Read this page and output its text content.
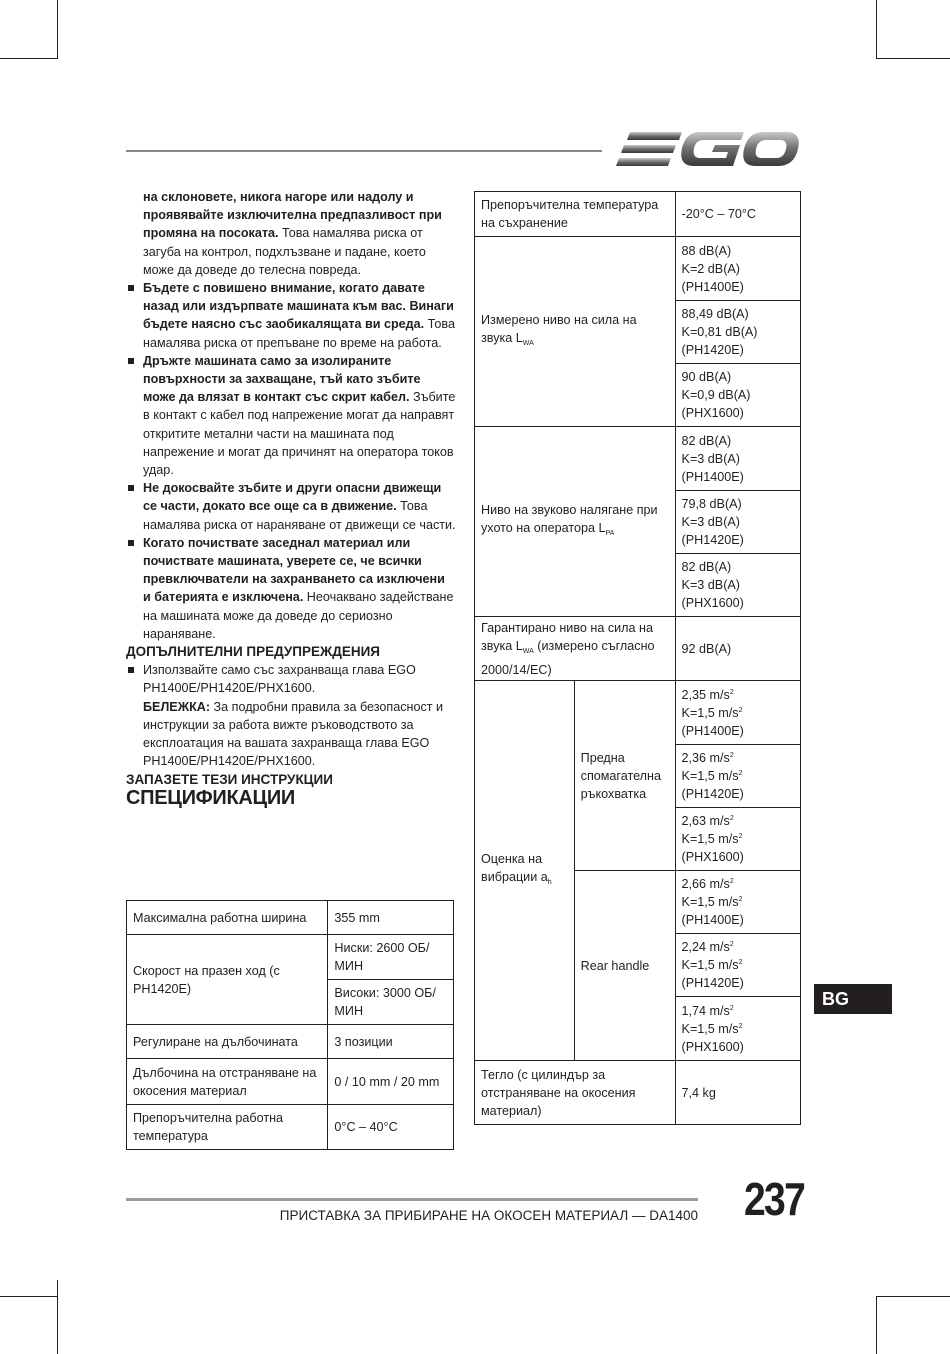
на склоновете, никога нагоре или надолу и проявявайте изключителна предпазливост при промяна на посоката. Това намалява риска от загуба на контрол, подхлъзване и падане, което може да доведе до телесна повреда.

Бъдете с повишено внимание, когато давате назад или издърпвате машината към вас. Винаги бъдете наясно със заобикалящата ви среда. Това намалява риска от препъване по време на работа.

Дръжте машината само за изолираните повърхности за захващане, тъй като зъбите може да влязат в контакт със скрит кабел. Зъбите в контакт с кабел под напрежение могат да направят откритите метални части на машината под напрежение и могат да причинят на оператора токов удар.

Не докосвайте зъбите и други опасни движещи се части, докато все още са в движение. Това намалява риска от нараняване от движещи се части.

Когато почиствате заседнал материал или почиствате машината, уверете се, че всички превключватели на захранването са изключени и батерията е изключена. Неочаквано задействане на машината може да доведе до сериозно нараняване.

ДОПЪЛНИТЕЛНИ ПРЕДУПРЕЖДЕНИЯ

Използвайте само със захранваща глава EGO PH1400E/PH1420E/PHX1600.

БЕЛЕЖКА: За подробни правила за безопасност и инструкции за работа вижте ръководството за експлоатация на вашата захранваща глава EGO PH1400E/PH1420E/PHX1600.

ЗАПАЗЕТЕ ТЕЗИ ИНСТРУКЦИИ

СПЕЦИФИКАЦИИ

Максимална работна ширина	355 mm
Скорост на празен ход (с PH1420E)	Ниски: 2600 ОБ/МИН
	Високи: 3000 ОБ/МИН
Регулиране на дълбочината	3 позиции
Дълбочина на отстраняване на окосения материал	0 / 10 mm / 20 mm
Препоръчителна работна температура	0°C – 40°C
Препоръчителна температура на съхранение		-20°C – 70°C
Измерено ниво на сила на звука $L_{WA}$		88 dB(A)
K=2 dB(A)
(PH1400E)
		88,49 dB(A)
K=0,81 dB(A)
(PH1420E)
		90 dB(A)
K=0,9 dB(A)
(PHX1600)
Ниво на звуково налягане при ухото на оператора $L_{PA}$		82 dB(A)
K=3 dB(A)
(PH1400E)
		79,8 dB(A)
K=3 dB(A)
(PH1420E)
		82 dB(A)
K=3 dB(A)
(PHX1600)
Гарантирано ниво на сила на звука $L_{WA}$ (измерено съгласно 2000/14/EC)		92 dB(A)
Оценка на вибрации $a_h$	Предна спомагателна ръкохватка	2,35 $m/s^2$
K=1,5 $m/s^2$
(PH1400E)
		2,36 $m/s^2$
K=1,5 $m/s^2$
(PH1420E)
		2,63 $m/s^2$
K=1,5 $m/s^2$
(PHX1600)
	Rear handle	2,66 $m/s^2$
K=1,5 $m/s^2$
(PH1400E)
		2,24 $m/s^2$
K=1,5 $m/s^2$
(PH1420E)
		1,74 $m/s^2$
K=1,5 $m/s^2$
(PHX1600)
Тегло (с цилиндър за отстраняване на окосения материал)		7,4 kg
BG
ПРИСТАВКА ЗА ПРИБИРАНЕ НА ОКОСЕН МАТЕРИАЛ — DA1400 237
